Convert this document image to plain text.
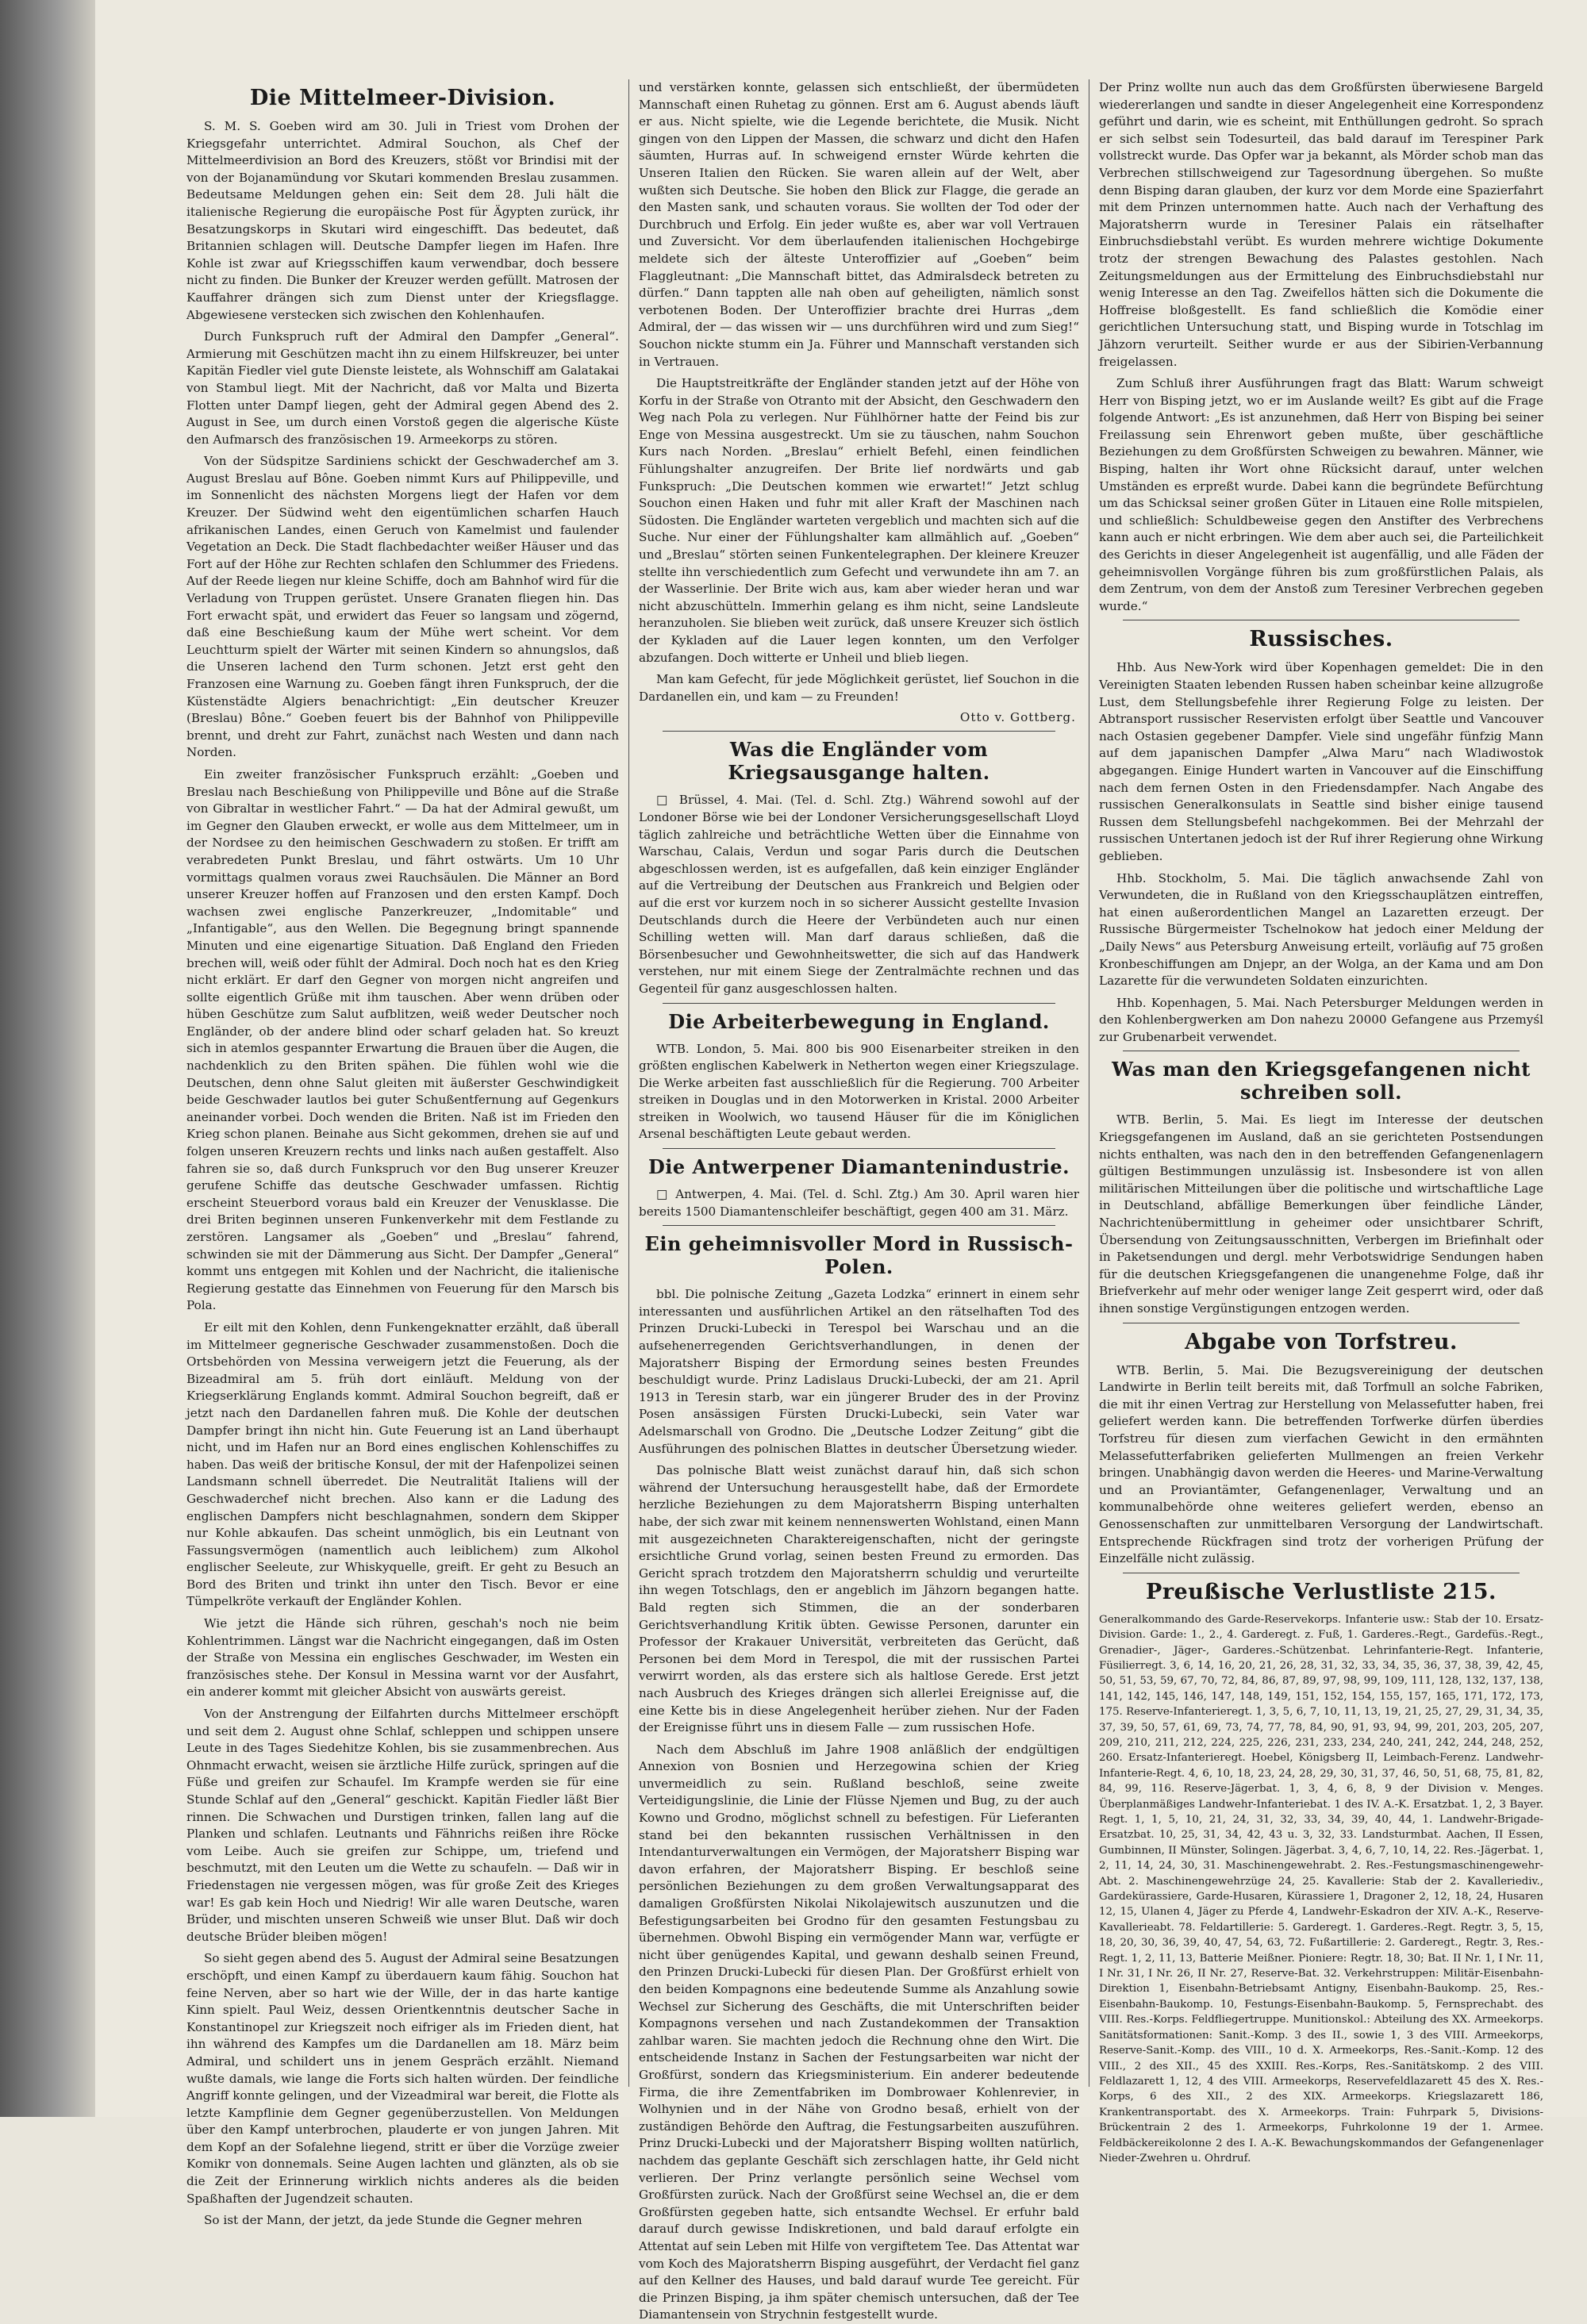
Die Mittelmeer-Division.

S. M. S. Goeben wird am 30. Juli in Triest vom Drohen der Kriegsgefahr unterrichtet. Admiral Souchon, als Chef der Mittelmeerdivision an Bord des Kreuzers, stößt vor Brindisi mit der von der Bojanamündung vor Skutari kommenden Breslau zusammen. Bedeutsame Meldungen gehen ein: Seit dem 28. Juli hält die italienische Regierung die europäische Post für Ägypten zurück, ihr Besatzungskorps in Skutari wird eingeschifft. Das bedeutet, daß Britannien schlagen will. Deutsche Dampfer liegen im Hafen. Ihre Kohle ist zwar auf Kriegsschiffen kaum verwendbar, doch bessere nicht zu finden. Die Bunker der Kreuzer werden gefüllt. Matrosen der Kauffahrer drängen sich zum Dienst unter der Kriegsflagge. Abgewiesene verstecken sich zwischen den Kohlenhaufen.

Durch Funkspruch ruft der Admiral den Dampfer „General“. Armierung mit Geschützen macht ihn zu einem Hilfskreuzer, bei unter Kapitän Fiedler viel gute Dienste leistete, als Wohnschiff am Galatakai von Stambul liegt. Mit der Nachricht, daß vor Malta und Bizerta Flotten unter Dampf liegen, geht der Admiral gegen Abend des 2. August in See, um durch einen Vorstoß gegen die algerische Küste den Aufmarsch des französischen 19. Armeekorps zu stören.

Von der Südspitze Sardiniens schickt der Geschwaderchef am 3. August Breslau auf Bône. Goeben nimmt Kurs auf Philippeville, und im Sonnenlicht des nächsten Morgens liegt der Hafen vor dem Kreuzer. Der Südwind weht den eigentümlichen scharfen Hauch afrikanischen Landes, einen Geruch von Kamelmist und faulender Vegetation an Deck. Die Stadt flachbedachter weißer Häuser und das Fort auf der Höhe zur Rechten schlafen den Schlummer des Friedens. Auf der Reede liegen nur kleine Schiffe, doch am Bahnhof wird für die Verladung von Truppen gerüstet. Unsere Granaten fliegen hin. Das Fort erwacht spät, und erwidert das Feuer so langsam und zögernd, daß eine Beschießung kaum der Mühe wert scheint. Vor dem Leuchtturm spielt der Wärter mit seinen Kindern so ahnungslos, daß die Unseren lachend den Turm schonen. Jetzt erst geht den Franzosen eine Warnung zu. Goeben fängt ihren Funkspruch, der die Küstenstädte Algiers benachrichtigt: „Ein deutscher Kreuzer (Breslau) Bône.“ Goeben feuert bis der Bahnhof von Philippeville brennt, und dreht zur Fahrt, zunächst nach Westen und dann nach Norden.

Ein zweiter französischer Funkspruch erzählt: „Goeben und Breslau nach Beschießung von Philippeville und Bône auf die Straße von Gibraltar in westlicher Fahrt.“ — Da hat der Admiral gewußt, um im Gegner den Glauben erweckt, er wolle aus dem Mittelmeer, um in der Nordsee zu den heimischen Geschwadern zu stoßen. Er trifft am verabredeten Punkt Breslau, und fährt ostwärts. Um 10 Uhr vormittags qualmen voraus zwei Rauchsäulen. Die Männer an Bord unserer Kreuzer hoffen auf Franzosen und den ersten Kampf. Doch wachsen zwei englische Panzerkreuzer, „Indomitable“ und „Infantigable“, aus den Wellen. Die Begegnung bringt spannende Minuten und eine eigenartige Situation. Daß England den Frieden brechen will, weiß oder fühlt der Admiral. Doch noch hat es den Krieg nicht erklärt. Er darf den Gegner von morgen nicht angreifen und sollte eigentlich Grüße mit ihm tauschen. Aber wenn drüben oder hüben Geschütze zum Salut aufblitzen, weiß weder Deutscher noch Engländer, ob der andere blind oder scharf geladen hat. So kreuzt sich in atemlos gespannter Erwartung die Brauen über die Augen, die nachdenklich zu den Briten spähen. Die fühlen wohl wie die Deutschen, denn ohne Salut gleiten mit äußerster Geschwindigkeit beide Geschwader lautlos bei guter Schußentfernung auf Gegenkurs aneinander vorbei. Doch wenden die Briten. Naß ist im Frieden den Krieg schon planen. Beinahe aus Sicht gekommen, drehen sie auf und folgen unseren Kreuzern rechts und links nach außen gestaffelt. Also fahren sie so, daß durch Funkspruch vor den Bug unserer Kreuzer gerufene Schiffe das deutsche Geschwader umfassen. Richtig erscheint Steuerbord voraus bald ein Kreuzer der Venusklasse. Die drei Briten beginnen unseren Funkenverkehr mit dem Festlande zu zerstören. Langsamer als „Goeben“ und „Breslau“ fahrend, schwinden sie mit der Dämmerung aus Sicht. Der Dampfer „General“ kommt uns entgegen mit Kohlen und der Nachricht, die italienische Regierung gestatte das Einnehmen von Feuerung für den Marsch bis Pola.

Er eilt mit den Kohlen, denn Funkengeknatter erzählt, daß überall im Mittelmeer gegnerische Geschwader zusammenstoßen. Doch die Ortsbehörden von Messina verweigern jetzt die Feuerung, als der Bizeadmiral am 5. früh dort einläuft. Meldung von der Kriegserklärung Englands kommt. Admiral Souchon begreift, daß er jetzt nach den Dardanellen fahren muß. Die Kohle der deutschen Dampfer bringt ihn nicht hin. Gute Feuerung ist an Land überhaupt nicht, und im Hafen nur an Bord eines englischen Kohlenschiffes zu haben. Das weiß der britische Konsul, der mit der Hafenpolizei seinen Landsmann schnell überredet. Die Neutralität Italiens will der Geschwaderchef nicht brechen. Also kann er die Ladung des englischen Dampfers nicht beschlagnahmen, sondern dem Skipper nur Kohle abkaufen. Das scheint unmöglich, bis ein Leutnant von Fassungsvermögen (namentlich auch leiblichem) zum Alkohol englischer Seeleute, zur Whiskyquelle, greift. Er geht zu Besuch an Bord des Briten und trinkt ihn unter den Tisch. Bevor er eine Tümpelkröte verkauft der Engländer Kohlen.

Wie jetzt die Hände sich rühren, geschah's noch nie beim Kohlentrimmen. Längst war die Nachricht eingegangen, daß im Osten der Straße von Messina ein englisches Geschwader, im Westen ein französisches stehe. Der Konsul in Messina warnt vor der Ausfahrt, ein anderer kommt mit gleicher Absicht von auswärts gereist.

Von der Anstrengung der Eilfahrten durchs Mittelmeer erschöpft und seit dem 2. August ohne Schlaf, schleppen und schippen unsere Leute in des Tages Siedehitze Kohlen, bis sie zusammenbrechen. Aus Ohnmacht erwacht, weisen sie ärztliche Hilfe zurück, springen auf die Füße und greifen zur Schaufel. Im Krampfe werden sie für eine Stunde Schlaf auf den „General“ geschickt. Kapitän Fiedler läßt Bier rinnen. Die Schwachen und Durstigen trinken, fallen lang auf die Planken und schlafen. Leutnants und Fähnrichs reißen ihre Röcke vom Leibe. Auch sie greifen zur Schippe, um, triefend und beschmutzt, mit den Leuten um die Wette zu schaufeln. — Daß wir in Friedenstagen nie vergessen mögen, was für große Zeit des Krieges war! Es gab kein Hoch und Niedrig! Wir alle waren Deutsche, waren Brüder, und mischten unseren Schweiß wie unser Blut. Daß wir doch deutsche Brüder bleiben mögen!

So sieht gegen abend des 5. August der Admiral seine Besatzungen erschöpft, und einen Kampf zu überdauern kaum fähig. Souchon hat feine Nerven, aber so hart wie der Wille, der in das harte kantige Kinn spielt. Paul Weiz, dessen Orientkenntnis deutscher Sache in Konstantinopel zur Kriegszeit noch eifriger als im Frieden dient, hat ihn während des Kampfes um die Dardanellen am 18. März beim Admiral, und schildert uns in jenem Gespräch erzählt. Niemand wußte damals, wie lange die Forts sich halten würden. Der feindliche Angriff konnte gelingen, und der Vizeadmiral war bereit, die Flotte als letzte Kampflinie dem Gegner gegenüberzustellen. Von Meldungen über den Kampf unterbrochen, plauderte er von jungen Jahren. Mit dem Kopf an der Sofalehne liegend, stritt er über die Vorzüge zweier Komikr von donnemals. Seine Augen lachten und glänzten, als ob sie die Zeit der Erinnerung wirklich nichts anderes als die beiden Spaßhaften der Jugendzeit schauten.

So ist der Mann, der jetzt, da jede Stunde die Gegner mehren

und verstärken konnte, gelassen sich entschließt, der übermüdeten Mannschaft einen Ruhetag zu gönnen. Erst am 6. August abends läuft er aus. Nicht spielte, wie die Legende berichtete, die Musik. Nicht gingen von den Lippen der Massen, die schwarz und dicht den Hafen säumten, Hurras auf. In schweigend ernster Würde kehrten die Unseren Italien den Rücken. Sie waren allein auf der Welt, aber wußten sich Deutsche. Sie hoben den Blick zur Flagge, die gerade an den Masten sank, und schauten voraus. Sie wollten der Tod oder der Durchbruch und Erfolg. Ein jeder wußte es, aber war voll Vertrauen und Zuversicht. Vor dem überlaufenden italienischen Hochgebirge meldete sich der älteste Unteroffizier auf „Goeben“ beim Flaggleutnant: „Die Mannschaft bittet, das Admiralsdeck betreten zu dürfen.“ Dann tappten alle nah oben auf geheiligten, nämlich sonst verbotenen Boden. Der Unteroffizier brachte drei Hurras „dem Admiral, der — das wissen wir — uns durchführen wird und zum Sieg!“ Souchon nickte stumm ein Ja. Führer und Mannschaft verstanden sich in Vertrauen.

Die Hauptstreitkräfte der Engländer standen jetzt auf der Höhe von Korfu in der Straße von Otranto mit der Absicht, den Geschwadern den Weg nach Pola zu verlegen. Nur Fühlhörner hatte der Feind bis zur Enge von Messina ausgestreckt. Um sie zu täuschen, nahm Souchon Kurs nach Norden. „Breslau“ erhielt Befehl, einen feindlichen Fühlungshalter anzugreifen. Der Brite lief nordwärts und gab Funkspruch: „Die Deutschen kommen wie erwartet!“ Jetzt schlug Souchon einen Haken und fuhr mit aller Kraft der Maschinen nach Südosten. Die Engländer warteten vergeblich und machten sich auf die Suche. Nur einer der Fühlungshalter kam allmählich auf. „Goeben“ und „Breslau“ störten seinen Funkentelegraphen. Der kleinere Kreuzer stellte ihn verschiedentlich zum Gefecht und verwundete ihn am 7. an der Wasserlinie. Der Brite wich aus, kam aber wieder heran und war nicht abzuschütteln. Immerhin gelang es ihm nicht, seine Landsleute heranzuholen. Sie blieben weit zurück, daß unsere Kreuzer sich östlich der Kykladen auf die Lauer legen konnten, um den Verfolger abzufangen. Doch witterte er Unheil und blieb liegen.

Man kam Gefecht, für jede Möglichkeit gerüstet, lief Souchon in die Dardanellen ein, und kam — zu Freunden!

Otto v. Gottberg.
Was die Engländer vom Kriegsausgange halten.

□ Brüssel, 4. Mai. (Tel. d. Schl. Ztg.) Während sowohl auf der Londoner Börse wie bei der Londoner Versicherungsgesellschaft Lloyd täglich zahlreiche und beträchtliche Wetten über die Einnahme von Warschau, Calais, Verdun und sogar Paris durch die Deutschen abgeschlossen werden, ist es aufgefallen, daß kein einziger Engländer auf die Vertreibung der Deutschen aus Frankreich und Belgien oder auf die erst vor kurzem noch in so sicherer Aussicht gestellte Invasion Deutschlands durch die Heere der Verbündeten auch nur einen Schilling wetten will. Man darf daraus schließen, daß die Börsenbesucher und Gewohnheitswetter, die sich auf das Handwerk verstehen, nur mit einem Siege der Zentralmächte rechnen und das Gegenteil für ganz ausgeschlossen halten.

Die Arbeiterbewegung in England.

WTB. London, 5. Mai. 800 bis 900 Eisenarbeiter streiken in den größten englischen Kabelwerk in Netherton wegen einer Kriegszulage. Die Werke arbeiten fast ausschließlich für die Regierung. 700 Arbeiter streiken in Douglas und in den Motorwerken in Kristal. 2000 Arbeiter streiken in Woolwich, wo tausend Häuser für die im Königlichen Arsenal beschäftigten Leute gebaut werden.

Die Antwerpener Diamantenindustrie.

□ Antwerpen, 4. Mai. (Tel. d. Schl. Ztg.) Am 30. April waren hier bereits 1500 Diamantenschleifer beschäftigt, gegen 400 am 31. März.

Ein geheimnisvoller Mord in Russisch-Polen.

bbl. Die polnische Zeitung „Gazeta Lodzka“ erinnert in einem sehr interessanten und ausführlichen Artikel an den rätselhaften Tod des Prinzen Drucki-Lubecki in Terespol bei Warschau und an die aufsehenerregenden Gerichtsverhandlungen, in denen der Majoratsherr Bisping der Ermordung seines besten Freundes beschuldigt wurde. Prinz Ladislaus Drucki-Lubecki, der am 21. April 1913 in Teresin starb, war ein jüngerer Bruder des in der Provinz Posen ansässigen Fürsten Drucki-Lubecki, sein Vater war Adelsmarschall von Grodno. Die „Deutsche Lodzer Zeitung“ gibt die Ausführungen des polnischen Blattes in deutscher Übersetzung wieder.

Das polnische Blatt weist zunächst darauf hin, daß sich schon während der Untersuchung herausgestellt habe, daß der Ermordete herzliche Beziehungen zu dem Majoratsherrn Bisping unterhalten habe, der sich zwar mit keinem nennenswerten Wohlstand, einen Mann mit ausgezeichneten Charaktereigenschaften, nicht der geringste ersichtliche Grund vorlag, seinen besten Freund zu ermorden. Das Gericht sprach trotzdem den Majoratsherrn schuldig und verurteilte ihn wegen Totschlags, den er angeblich im Jähzorn begangen hatte. Bald regten sich Stimmen, die an der sonderbaren Gerichtsverhandlung Kritik übten. Gewisse Personen, darunter ein Professor der Krakauer Universität, verbreiteten das Gerücht, daß Personen bei dem Mord in Terespol, die mit der russischen Partei verwirrt worden, als das erstere sich als haltlose Gerede. Erst jetzt nach Ausbruch des Krieges drängen sich allerlei Ereignisse auf, die eine Kette bis in diese Angelegenheit herüber ziehen. Nur der Faden der Ereignisse führt uns in diesem Falle — zum russischen Hofe.

Nach dem Abschluß im Jahre 1908 anläßlich der endgültigen Annexion von Bosnien und Herzegowina schien der Krieg unvermeidlich zu sein. Rußland beschloß, seine zweite Verteidigungslinie, die Linie der Flüsse Njemen und Bug, zu der auch Kowno und Grodno, möglichst schnell zu befestigen. Für Lieferanten stand bei den bekannten russischen Verhältnissen in den Intendanturverwaltungen ein Vermögen, der Majoratsherr Bisping war davon erfahren, der Majoratsherr Bisping. Er beschloß seine persönlichen Beziehungen zu dem großen Verwaltungsapparat des damaligen Großfürsten Nikolai Nikolajewitsch auszunutzen und die Befestigungsarbeiten bei Grodno für den gesamten Festungsbau zu übernehmen. Obwohl Bisping ein vermögender Mann war, verfügte er nicht über genügendes Kapital, und gewann deshalb seinen Freund, den Prinzen Drucki-Lubecki für diesen Plan. Der Großfürst erhielt von den beiden Kompagnons eine bedeutende Summe als Anzahlung sowie Wechsel zur Sicherung des Geschäfts, die mit Unterschriften beider Kompagnons versehen und nach Zustandekommen der Transaktion zahlbar waren. Sie machten jedoch die Rechnung ohne den Wirt. Die entscheidende Instanz in Sachen der Festungsarbeiten war nicht der Großfürst, sondern das Kriegsministerium. Ein anderer bedeutende Firma, die ihre Zementfabriken im Dombrowaer Kohlenrevier, in Wolhynien und in der Nähe von Grodno besaß, erhielt von der zuständigen Behörde den Auftrag, die Festungsarbeiten auszuführen. Prinz Drucki-Lubecki und der Majoratsherr Bisping wollten natürlich, nachdem das geplante Geschäft sich zerschlagen hatte, ihr Geld nicht verlieren. Der Prinz verlangte persönlich seine Wechsel vom Großfürsten zurück. Nach der Großfürst seine Wechsel an, die er dem Großfürsten gegeben hatte, sich entsandte Wechsel. Er erfuhr bald darauf durch gewisse Indiskretionen, und bald darauf erfolgte ein Attentat auf sein Leben mit Hilfe von vergiftetem Tee. Das Attentat war vom Koch des Majoratsherrn Bisping ausgeführt, der Verdacht fiel ganz auf den Kellner des Hauses, und bald darauf wurde Tee gereicht. Für die Prinzen Bisping, ja ihm später chemisch untersuchen, daß der Tee Diamantensein von Strychnin festgestellt wurde.

Der Prinz wollte nun auch das dem Großfürsten überwiesene Bargeld wiedererlangen und sandte in dieser Angelegenheit eine Korrespondenz geführt und darin, wie es scheint, mit Enthüllungen gedroht. So sprach er sich selbst sein Todesurteil, das bald darauf im Terespiner Park vollstreckt wurde. Das Opfer war ja bekannt, als Mörder schob man das Verbrechen stillschweigend zur Tagesordnung übergehen. So mußte denn Bisping daran glauben, der kurz vor dem Morde eine Spazierfahrt mit dem Prinzen unternommen hatte. Auch nach der Verhaftung des Majoratsherrn wurde in Teresiner Palais ein rätselhafter Einbruchsdiebstahl verübt. Es wurden mehrere wichtige Dokumente trotz der strengen Bewachung des Palastes gestohlen. Nach Zeitungsmeldungen aus der Ermittelung des Einbruchsdiebstahl nur wenig Interesse an den Tag. Zweifellos hätten sich die Dokumente die Hoffreise bloßgestellt. Es fand schließlich die Komödie einer gerichtlichen Untersuchung statt, und Bisping wurde in Totschlag im Jähzorn verurteilt. Seither wurde er aus der Sibirien-Verbannung freigelassen.

Zum Schluß ihrer Ausführungen fragt das Blatt: Warum schweigt Herr von Bisping jetzt, wo er im Auslande weilt? Es gibt auf die Frage folgende Antwort: „Es ist anzunehmen, daß Herr von Bisping bei seiner Freilassung sein Ehrenwort geben mußte, über geschäftliche Beziehungen zu dem Großfürsten Schweigen zu bewahren. Männer, wie Bisping, halten ihr Wort ohne Rücksicht darauf, unter welchen Umständen es erpreßt wurde. Dabei kann die begründete Befürchtung um das Schicksal seiner großen Güter in Litauen eine Rolle mitspielen, und schließlich: Schuldbeweise gegen den Anstifter des Verbrechens kann auch er nicht erbringen. Wie dem aber auch sei, die Parteilichkeit des Gerichts in dieser Angelegenheit ist augenfällig, und alle Fäden der geheimnisvollen Vorgänge führen bis zum großfürstlichen Palais, als dem Zentrum, von dem der Anstoß zum Teresiner Verbrechen gegeben wurde.“

Russisches.

Hhb. Aus New-York wird über Kopenhagen gemeldet: Die in den Vereinigten Staaten lebenden Russen haben scheinbar keine allzugroße Lust, dem Stellungsbefehle ihrer Regierung Folge zu leisten. Der Abtransport russischer Reservisten erfolgt über Seattle und Vancouver nach Ostasien gegebener Dampfer. Viele sind ungefähr fünfzig Mann auf dem japanischen Dampfer „Alwa Maru“ nach Wladiwostok abgegangen. Einige Hundert warten in Vancouver auf die Einschiffung nach dem fernen Osten in den Friedensdampfer. Nach Angabe des russischen Generalkonsulats in Seattle sind bisher einige tausend Russen dem Stellungsbefehl nachgekommen. Bei der Mehrzahl der russischen Untertanen jedoch ist der Ruf ihrer Regierung ohne Wirkung geblieben.

Hhb. Stockholm, 5. Mai. Die täglich anwachsende Zahl von Verwundeten, die in Rußland von den Kriegsschauplätzen eintreffen, hat einen außerordentlichen Mangel an Lazaretten erzeugt. Der Russische Bürgermeister Tschelnokow hat jedoch einer Meldung der „Daily News“ aus Petersburg Anweisung erteilt, vorläufig auf 75 großen Kronbeschiffungen am Dnjepr, an der Wolga, an der Kama und am Don Lazarette für die verwundeten Soldaten einzurichten.

Hhb. Kopenhagen, 5. Mai. Nach Petersburger Meldungen werden in den Kohlenbergwerken am Don nahezu 20000 Gefangene aus Przemyśl zur Grubenarbeit verwendet.

Was man den Kriegsgefangenen nicht schreiben soll.

WTB. Berlin, 5. Mai. Es liegt im Interesse der deutschen Kriegsgefangenen im Ausland, daß an sie gerichteten Postsendungen nichts enthalten, was nach den in den betreffenden Gefangenenlagern gültigen Bestimmungen unzulässig ist. Insbesondere ist von allen militärischen Mitteilungen über die politische und wirtschaftliche Lage in Deutschland, abfällige Bemerkungen über feindliche Länder, Nachrichtenübermittlung in geheimer oder unsichtbarer Schrift, Übersendung von Zeitungsausschnitten, Verbergen im Briefinhalt oder in Paketsendungen und dergl. mehr Verbotswidrige Sendungen haben für die deutschen Kriegsgefangenen die unangenehme Folge, daß ihr Briefverkehr auf mehr oder weniger lange Zeit gesperrt wird, oder daß ihnen sonstige Vergünstigungen entzogen werden.

Abgabe von Torfstreu.

WTB. Berlin, 5. Mai. Die Bezugsvereinigung der deutschen Landwirte in Berlin teilt bereits mit, daß Torfmull an solche Fabriken, die mit ihr einen Vertrag zur Herstellung von Melassefutter haben, frei geliefert werden kann. Die betreffenden Torfwerke dürfen überdies Torfstreu für diesen zum vierfachen Gewicht in den ermähnten Melassefutterfabriken gelieferten Mullmengen an freien Verkehr bringen. Unabhängig davon werden die Heeres- und Marine-Verwaltung und an Proviantämter, Gefangenenlager, Verwaltung und an kommunalbehörde ohne weiteres geliefert werden, ebenso an Genossenschaften zur unmittelbaren Versorgung der Landwirtschaft. Entsprechende Rückfragen sind trotz der vorherigen Prüfung der Einzelfälle nicht zulässig.

Preußische Verlustliste 215.

Generalkommando des Garde-Reservekorps. Infanterie usw.: Stab der 10. Ersatz-Division. Garde: 1., 2., 4. Garderegt. z. Fuß, 1. Garderes.-Regt., Gardefüs.-Regt., Grenadier-, Jäger-, Garderes.-Schützenbat. Lehrinfanterie-Regt. Infanterie, Füsilierregt. 3, 6, 14, 16, 20, 21, 26, 28, 31, 32, 33, 34, 35, 36, 37, 38, 39, 42, 45, 50, 51, 53, 59, 67, 70, 72, 84, 86, 87, 89, 97, 98, 99, 109, 111, 128, 132, 137, 138, 141, 142, 145, 146, 147, 148, 149, 151, 152, 154, 155, 157, 165, 171, 172, 173, 175. Reserve-Infanterieregt. 1, 3, 5, 6, 7, 10, 11, 13, 19, 21, 25, 27, 29, 31, 34, 35, 37, 39, 50, 57, 61, 69, 73, 74, 77, 78, 84, 90, 91, 93, 94, 99, 201, 203, 205, 207, 209, 210, 211, 212, 224, 225, 226, 231, 233, 234, 240, 241, 242, 244, 248, 252, 260. Ersatz-Infanterieregt. Hoebel, Königsberg II, Leimbach-Ferenz. Landwehr-Infanterie-Regt. 4, 6, 10, 18, 23, 24, 28, 29, 30, 31, 37, 46, 50, 51, 68, 75, 81, 82, 84, 99, 116. Reserve-Jägerbat. 1, 3, 4, 6, 8, 9 der Division v. Menges. Überplanmäßiges Landwehr-Infanteriebat. 1 des IV. A.-K. Ersatzbat. 1, 2, 3 Bayer. Regt. 1, 1, 5, 10, 21, 24, 31, 32, 33, 34, 39, 40, 44, 1. Landwehr-Brigade-Ersatzbat. 10, 25, 31, 34, 42, 43 u. 3, 32, 33. Landsturmbat. Aachen, II Essen, Gumbinnen, II Münster, Solingen. Jägerbat. 3, 4, 6, 7, 10, 14, 22. Res.-Jägerbat. 1, 2, 11, 14, 24, 30, 31. Maschinengewehrabt. 2. Res.-Festungsmaschinengewehr-Abt. 2. Maschinengewehrzüge 24, 25. Kavallerie: Stab der 2. Kavalleriediv., Gardekürassiere, Garde-Husaren, Kürassiere 1, Dragoner 2, 12, 18, 24, Husaren 12, 15, Ulanen 4, Jäger zu Pferde 4, Landwehr-Eskadron der XIV. A.-K., Reserve-Kavallerieabt. 78. Feldartillerie: 5. Garderegt. 1. Garderes.-Regt. Regtr. 3, 5, 15, 18, 20, 30, 36, 39, 40, 47, 54, 63, 72. Fußartillerie: 2. Garderegt., Regtr. 3, Res.-Regt. 1, 2, 11, 13, Batterie Meißner. Pioniere: Regtr. 18, 30; Bat. II Nr. 1, I Nr. 11, I Nr. 31, I Nr. 26, II Nr. 27, Reserve-Bat. 32. Verkehrstruppen: Militär-Eisenbahn-Direktion 1, Eisenbahn-Betriebsamt Antigny, Eisenbahn-Baukomp. 25, Res.-Eisenbahn-Baukomp. 10, Festungs-Eisenbahn-Baukomp. 5, Fernsprechabt. des VIII. Res.-Korps. Feldfliegertruppe. Munitionskol.: Abteilung des XX. Armeekorps. Sanitätsformationen: Sanit.-Komp. 3 des II., sowie 1, 3 des VIII. Armeekorps, Reserve-Sanit.-Komp. des VIII., 10 d. X. Armeekorps, Res.-Sanit.-Komp. 12 des VIII., 2 des XII., 45 des XXIII. Res.-Korps, Res.-Sanitätskomp. 2 des VIII. Feldlazarett 1, 12, 4 des VIII. Armeekorps, Reservefeldlazarett 45 des X. Res.-Korps, 6 des XII., 2 des XIX. Armeekorps. Kriegslazarett 186, Krankentransportabt. des X. Armeekorps. Train: Fuhrpark 5, Divisions-Brückentrain 2 des 1. Armeekorps, Fuhrkolonne 19 der 1. Armee. Feldbäckereikolonne 2 des I. A.-K. Bewachungskommandos der Gefangenenlager Nieder-Zwehren u. Ohrdruf.
